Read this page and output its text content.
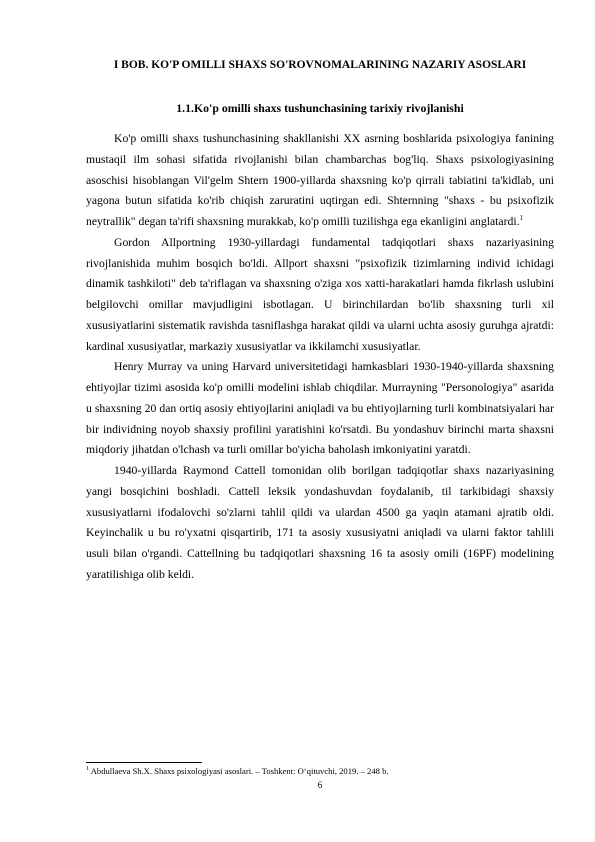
I BOB. KO'P OMILLI SHAXS SO'ROVNOMALARINING NAZARIY ASOSLARI
1.1.Ko'p omilli shaxs tushunchasining tarixiy rivojlanishi

Ko'p omilli shaxs tushunchasining shakllanishi XX asrning boshlarida psixologiya fanining mustaqil ilm sohasi sifatida rivojlanishi bilan chambarchas bog'liq. Shaxs psixologiyasining asoschisi hisoblangan Vil'gelm Shtern 1900-yillarda shaxsning ko'p qirrali tabiatini ta'kidlab, uni yagona butun sifatida ko'rib chiqish zaruratini uqtirgan edi. Shternning "shaxs - bu psixofizik neytrallik" degan ta'rifi shaxsning murakkab, ko'p omilli tuzilishga ega ekanligini anglatardi.$^1$

Gordon Allportning 1930-yillardagi fundamental tadqiqotlari shaxs nazariyasining rivojlanishida muhim bosqich bo'ldi. Allport shaxsni "psixofizik tizimlarning individ ichidagi dinamik tashkiloti" deb ta'riflagan va shaxsning o'ziga xos xatti-harakatlari hamda fikrlash uslubini belgilovchi omillar mavjudligini isbotlagan. U birinchilardan bo'lib shaxsning turli xil xususiyatlarini sistematik ravishda tasniflashga harakat qildi va ularni uchta asosiy guruhga ajratdi: kardinal xususiyatlar, markaziy xususiyatlar va ikkilamchi xususiyatlar.

Henry Murray va uning Harvard universitetidagi hamkasblari 1930-1940-yillarda shaxsning ehtiyojlar tizimi asosida ko'p omilli modelini ishlab chiqdilar. Murrayning "Personologiya" asarida u shaxsning 20 dan ortiq asosiy ehtiyojlarini aniqladi va bu ehtiyojlarning turli kombinatsiyalari har bir individning noyob shaxsiy profilini yaratishini ko'rsatdi. Bu yondashuv birinchi marta shaxsni miqdoriy jihatdan o'lchash va turli omillar bo'yicha baholash imkoniyatini yaratdi.

1940-yillarda Raymond Cattell tomonidan olib borilgan tadqiqotlar shaxs nazariyasining yangi bosqichini boshladi. Cattell leksik yondashuvdan foydalanib, til tarkibidagi shaxsiy xususiyatlarni ifodalovchi so'zlarni tahlil qildi va ulardan 4500 ga yaqin atamani ajratib oldi. Keyinchalik u bu ro'yxatni qisqartirib, 171 ta asosiy xususiyatni aniqladi va ularni faktor tahlili usuli bilan o'rgandi. Cattellning bu tadqiqotlari shaxsning 16 ta asosiy omili (16PF) modelining yaratilishiga olib keldi.

$^1$ Abdullaeva Sh.X. Shaxs psixologiyasi asoslari. – Toshkent: O‘qituvchi, 2019. – 248 b.
6
